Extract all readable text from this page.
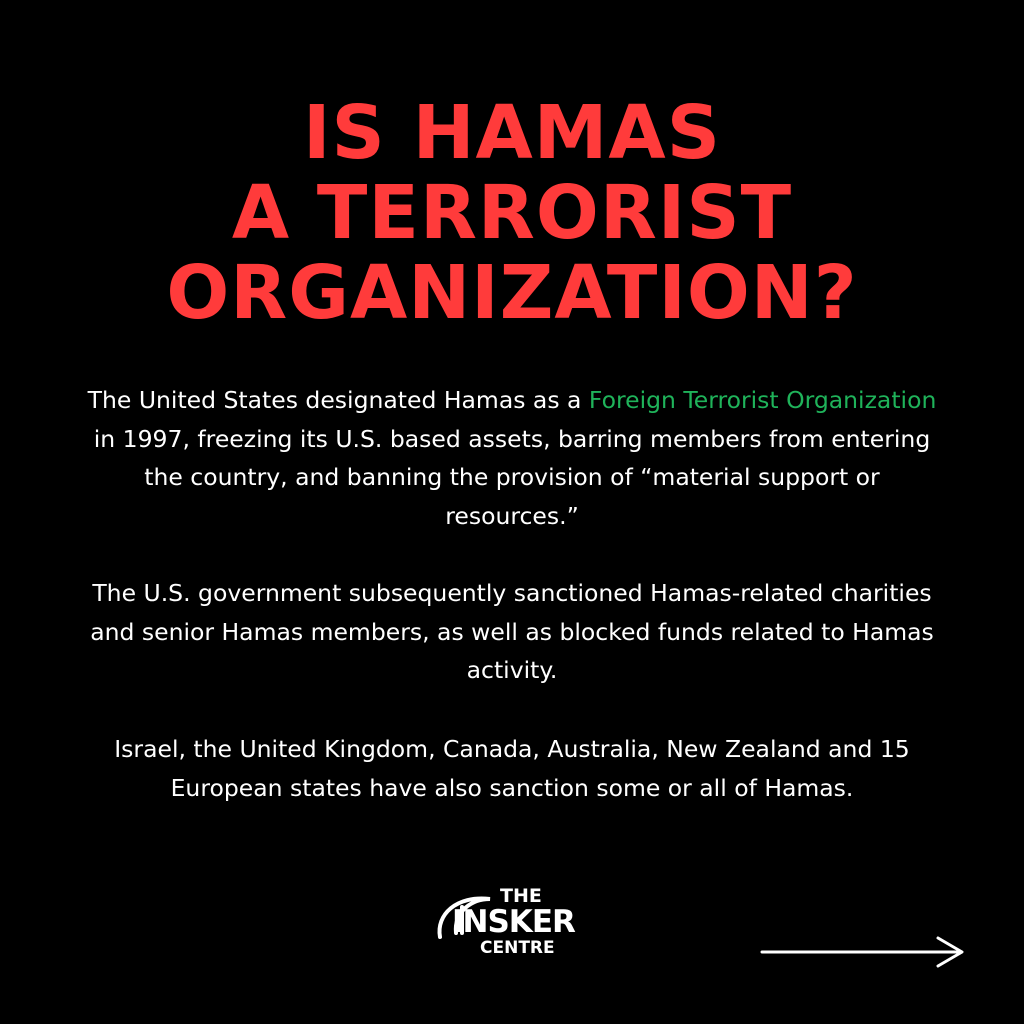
IS HAMAS
A TERRORIST
ORGANIZATION?

The United States designated Hamas as a Foreign Terrorist Organization in 1997, freezing its U.S. based assets, barring members from entering the country, and banning the provision of “material support or resources.”

The U.S. government subsequently sanctioned Hamas-related charities and senior Hamas members, as well as blocked funds related to Hamas activity.

Israel, the United Kingdom, Canada, Australia, New Zealand and 15 European states have also sanction some or all of Hamas.

THE
INSKER
CENTRE
